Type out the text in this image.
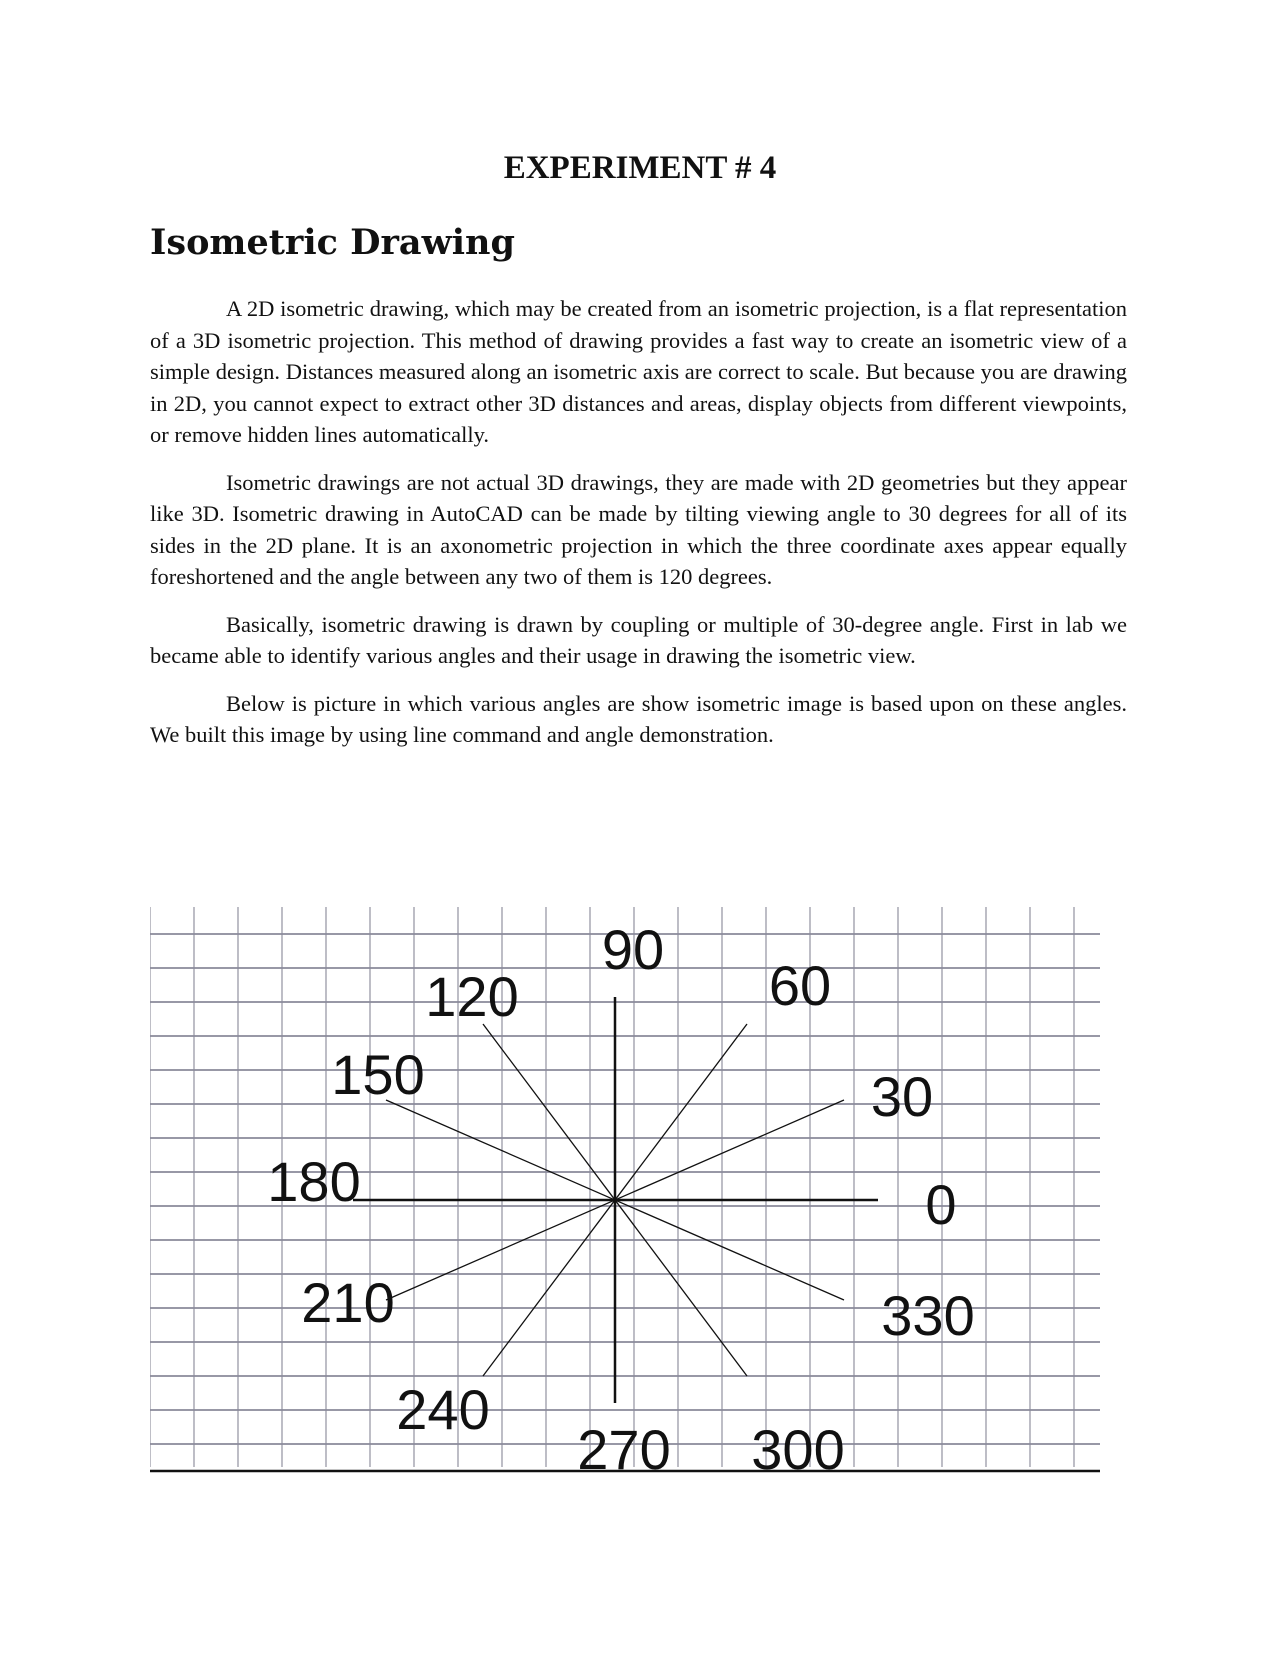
EXPERIMENT # 4
Isometric Drawing

A 2D isometric drawing, which may be created from an isometric projection, is a flat representation of a 3D isometric projection. This method of drawing provides a fast way to create an isometric view of a simple design. Distances measured along an isometric axis are correct to scale. But because you are drawing in 2D, you cannot expect to extract other 3D distances and areas, display objects from different viewpoints, or remove hidden lines automatically.

Isometric drawings are not actual 3D drawings, they are made with 2D geometries but they appear like 3D. Isometric drawing in AutoCAD can be made by tilting viewing angle to 30 degrees for all of its sides in the 2D plane. It is an axonometric projection in which the three coordinate axes appear equally foreshortened and the angle between any two of them is 120 degrees.

Basically, isometric drawing is drawn by coupling or multiple of 30-degree angle. First in lab we became able to identify various angles and their usage in drawing the isometric view.

Below is picture in which various angles are show isometric image is based upon on these angles. We built this image by using line command and angle demonstration.

90
60
120
150	30
180	0
210	330
240
270 300
